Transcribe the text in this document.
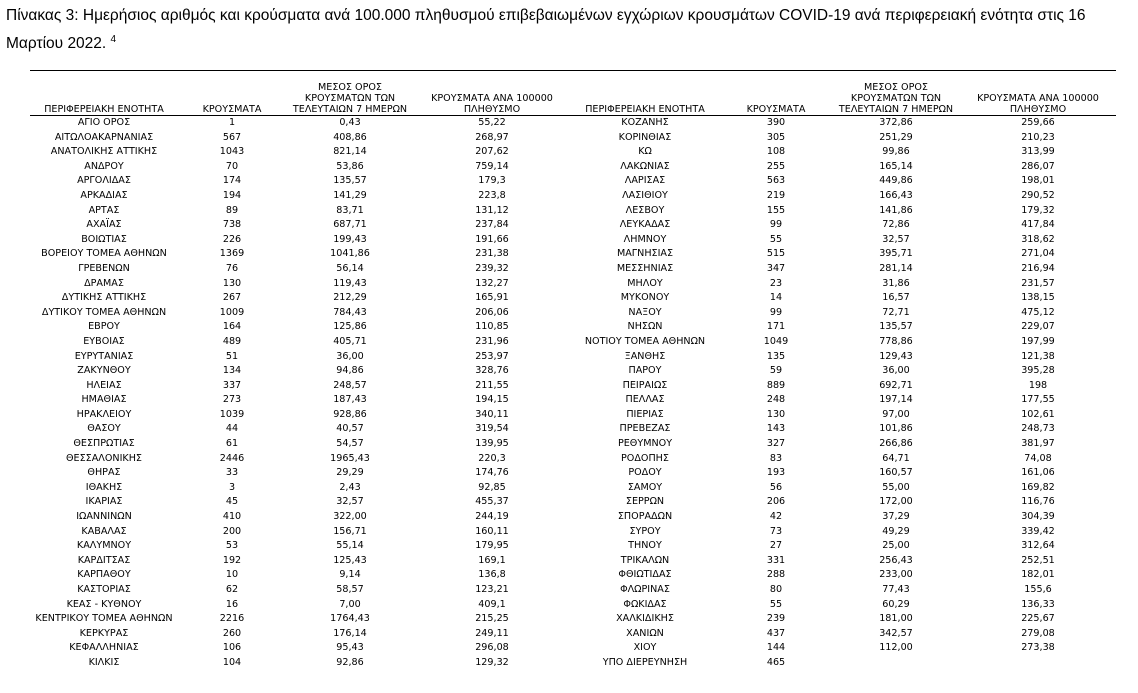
Πίνακας 3: Ημερήσιος αριθμός και κρούσματα ανά 100.000 πληθυσμού επιβεβαιωμένων εγχώριων κρουσμάτων COVID-19 ανά περιφερειακή ενότητα στις 16 Μαρτίου 2022. $^4$
ΠΕΡΙΦΕΡΕΙΑΚΗ ΕΝΟΤΗΤΑ	ΚΡΟΥΣΜΑΤΑ	ΜΕΣΟΣ ΟΡΟΣ
ΚΡΟΥΣΜΑΤΩΝ ΤΩΝ
ΤΕΛΕΥΤΑΙΩΝ 7 ΗΜΕΡΩΝ	ΚΡΟΥΣΜΑΤΑ ΑΝΑ 100000
ΠΛΗΘΥΣΜΟ	ΠΕΡΙΦΕΡΕΙΑΚΗ ΕΝΟΤΗΤΑ	ΚΡΟΥΣΜΑΤΑ	ΜΕΣΟΣ ΟΡΟΣ
ΚΡΟΥΣΜΑΤΩΝ ΤΩΝ
ΤΕΛΕΥΤΑΙΩΝ 7 ΗΜΕΡΩΝ	ΚΡΟΥΣΜΑΤΑ ΑΝΑ 100000
ΠΛΗΘΥΣΜΟ
ΑΓΙΟ ΟΡΟΣ	1	0,43	55,22	ΚΟΖΑΝΗΣ	390	372,86	259,66
ΑΙΤΩΛΟΑΚΑΡΝΑΝΙΑΣ	567	408,86	268,97	ΚΟΡΙΝΘΙΑΣ	305	251,29	210,23
ΑΝΑΤΟΛΙΚΗΣ ΑΤΤΙΚΗΣ	1043	821,14	207,62	ΚΩ	108	99,86	313,99
ΑΝΔΡΟΥ	70	53,86	759,14	ΛΑΚΩΝΙΑΣ	255	165,14	286,07
ΑΡΓΟΛΙΔΑΣ	174	135,57	179,3	ΛΑΡΙΣΑΣ	563	449,86	198,01
ΑΡΚΑΔΙΑΣ	194	141,29	223,8	ΛΑΣΙΘΙΟΥ	219	166,43	290,52
ΑΡΤΑΣ	89	83,71	131,12	ΛΕΣΒΟΥ	155	141,86	179,32
ΑΧΑΪΑΣ	738	687,71	237,84	ΛΕΥΚΑΔΑΣ	99	72,86	417,84
ΒΟΙΩΤΙΑΣ	226	199,43	191,66	ΛΗΜΝΟΥ	55	32,57	318,62
ΒΟΡΕΙΟΥ ΤΟΜΕΑ ΑΘΗΝΩΝ	1369	1041,86	231,38	ΜΑΓΝΗΣΙΑΣ	515	395,71	271,04
ΓΡΕΒΕΝΩΝ	76	56,14	239,32	ΜΕΣΣΗΝΙΑΣ	347	281,14	216,94
ΔΡΑΜΑΣ	130	119,43	132,27	ΜΗΛΟΥ	23	31,86	231,57
ΔΥΤΙΚΗΣ ΑΤΤΙΚΗΣ	267	212,29	165,91	ΜΥΚΟΝΟΥ	14	16,57	138,15
ΔΥΤΙΚΟΥ ΤΟΜΕΑ ΑΘΗΝΩΝ	1009	784,43	206,06	ΝΑΞΟΥ	99	72,71	475,12
ΕΒΡΟΥ	164	125,86	110,85	ΝΗΣΩΝ	171	135,57	229,07
ΕΥΒΟΙΑΣ	489	405,71	231,96	ΝΟΤΙΟΥ ΤΟΜΕΑ ΑΘΗΝΩΝ	1049	778,86	197,99
ΕΥΡΥΤΑΝΙΑΣ	51	36,00	253,97	ΞΑΝΘΗΣ	135	129,43	121,38
ΖΑΚΥΝΘΟΥ	134	94,86	328,76	ΠΑΡΟΥ	59	36,00	395,28
ΗΛΕΙΑΣ	337	248,57	211,55	ΠΕΙΡΑΙΩΣ	889	692,71	198
ΗΜΑΘΙΑΣ	273	187,43	194,15	ΠΕΛΛΑΣ	248	197,14	177,55
ΗΡΑΚΛΕΙΟΥ	1039	928,86	340,11	ΠΙΕΡΙΑΣ	130	97,00	102,61
ΘΑΣΟΥ	44	40,57	319,54	ΠΡΕΒΕΖΑΣ	143	101,86	248,73
ΘΕΣΠΡΩΤΙΑΣ	61	54,57	139,95	ΡΕΘΥΜΝΟΥ	327	266,86	381,97
ΘΕΣΣΑΛΟΝΙΚΗΣ	2446	1965,43	220,3	ΡΟΔΟΠΗΣ	83	64,71	74,08
ΘΗΡΑΣ	33	29,29	174,76	ΡΟΔΟΥ	193	160,57	161,06
ΙΘΑΚΗΣ	3	2,43	92,85	ΣΑΜΟΥ	56	55,00	169,82
ΙΚΑΡΙΑΣ	45	32,57	455,37	ΣΕΡΡΩΝ	206	172,00	116,76
ΙΩΑΝΝΙΝΩΝ	410	322,00	244,19	ΣΠΟΡΑΔΩΝ	42	37,29	304,39
ΚΑΒΑΛΑΣ	200	156,71	160,11	ΣΥΡΟΥ	73	49,29	339,42
ΚΑΛΥΜΝΟΥ	53	55,14	179,95	ΤΗΝΟΥ	27	25,00	312,64
ΚΑΡΔΙΤΣΑΣ	192	125,43	169,1	ΤΡΙΚΑΛΩΝ	331	256,43	252,51
ΚΑΡΠΑΘΟΥ	10	9,14	136,8	ΦΘΙΩΤΙΔΑΣ	288	233,00	182,01
ΚΑΣΤΟΡΙΑΣ	62	58,57	123,21	ΦΛΩΡΙΝΑΣ	80	77,43	155,6
ΚΕΑΣ - ΚΥΘΝΟΥ	16	7,00	409,1	ΦΩΚΙΔΑΣ	55	60,29	136,33
ΚΕΝΤΡΙΚΟΥ ΤΟΜΕΑ ΑΘΗΝΩΝ	2216	1764,43	215,25	ΧΑΛΚΙΔΙΚΗΣ	239	181,00	225,67
ΚΕΡΚΥΡΑΣ	260	176,14	249,11	ΧΑΝΙΩΝ	437	342,57	279,08
ΚΕΦΑΛΛΗΝΙΑΣ	106	95,43	296,08	ΧΙΟΥ	144	112,00	273,38
ΚΙΛΚΙΣ	104	92,86	129,32	ΥΠΟ ΔΙΕΡΕΥΝΗΣΗ	465		
